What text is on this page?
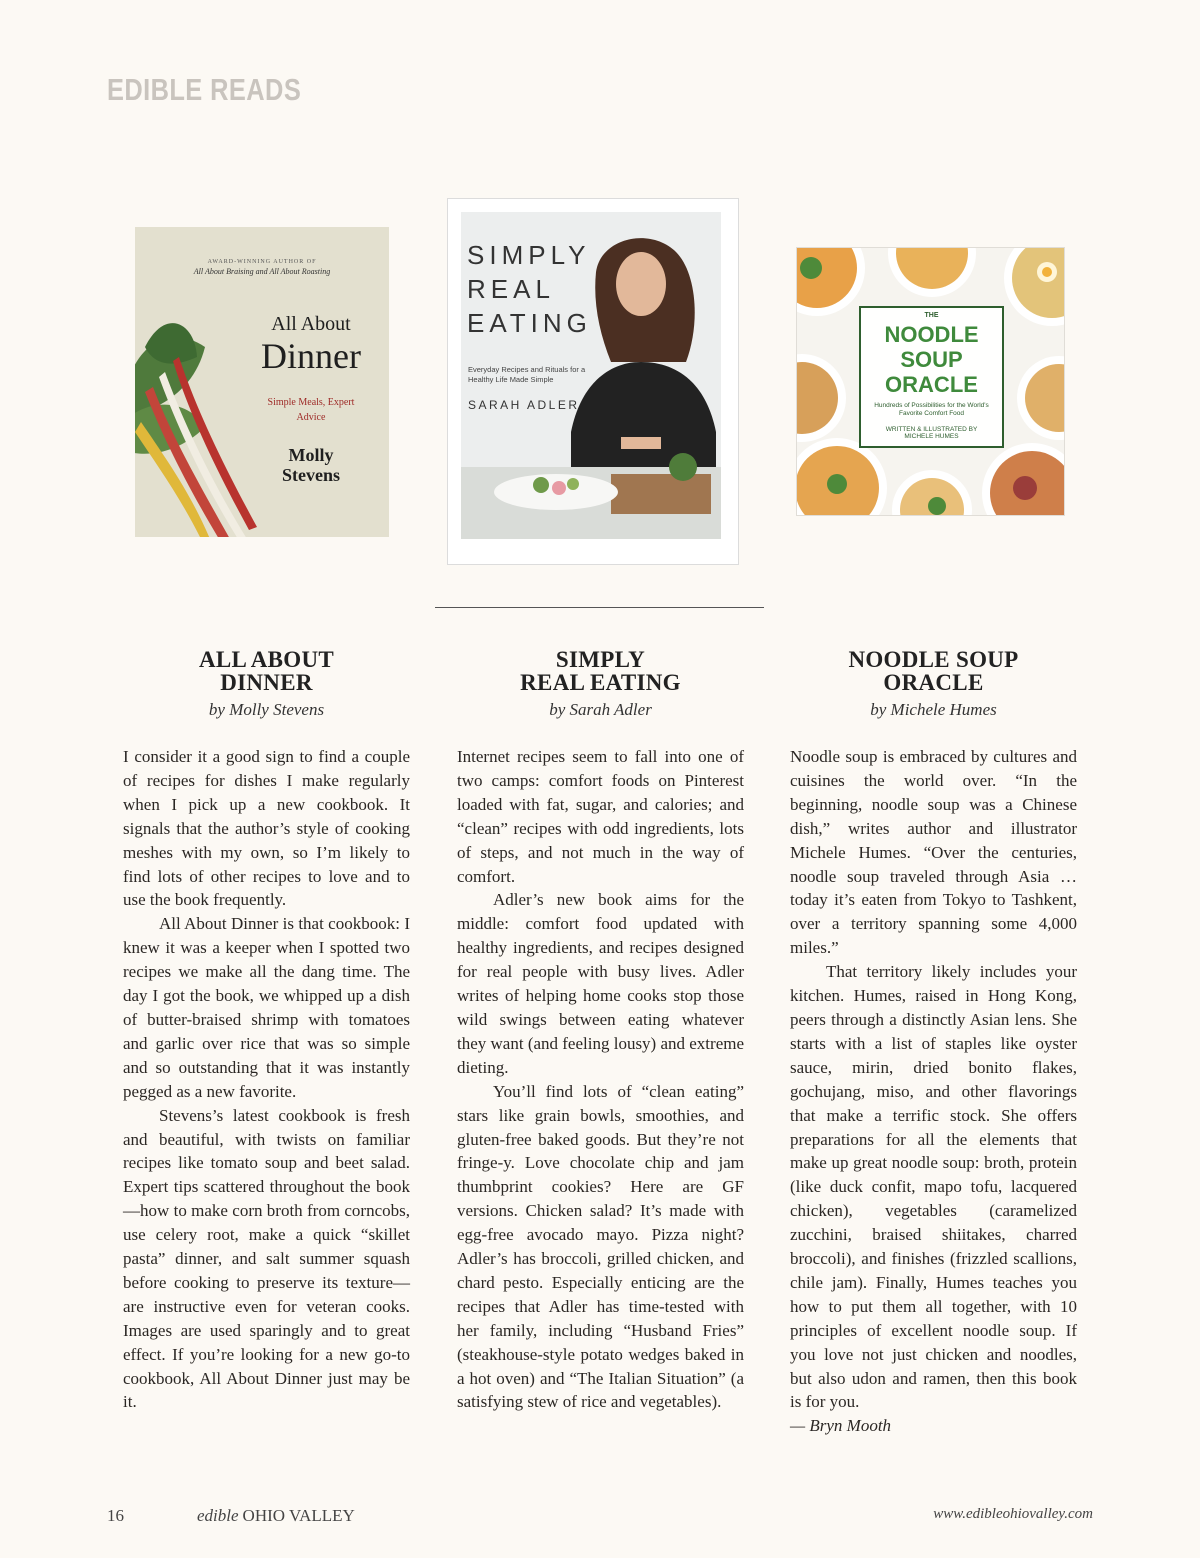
EDIBLE READS
AWARD-WINNING AUTHOR OF
All About Braising and All About Roasting
All About
Dinner
Simple Meals, Expert Advice
Molly
Stevens
SIMPLY
REAL
EATING
Everyday Recipes and Rituals for a Healthy Life Made Simple
SARAH ADLER
THE
NOODLE
SOUP
ORACLE
Hundreds of Possibilities for the World's Favorite Comfort Food
WRITTEN & ILLUSTRATED BY
MICHELE HUMES
ALL ABOUT
DINNER

by Molly Stevens

I consider it a good sign to find a couple of recipes for dishes I make regularly when I pick up a new cookbook. It signals that the author’s style of cooking meshes with my own, so I’m likely to find lots of other recipes to love and to use the book frequently.

All About Dinner is that cookbook: I knew it was a keeper when I spotted two recipes we make all the dang time. The day I got the book, we whipped up a dish of butter-braised shrimp with tomatoes and garlic over rice that was so simple and so outstanding that it was instantly pegged as a new favorite.

Stevens’s latest cookbook is fresh and beautiful, with twists on familiar recipes like tomato soup and beet salad. Expert tips scattered throughout the book—how to make corn broth from corncobs, use celery root, make a quick “skillet pasta” dinner, and salt summer squash before cooking to preserve its texture—are instructive even for veteran cooks. Images are used sparingly and to great effect. If you’re looking for a new go-to cookbook, All About Dinner just may be it.

SIMPLY
REAL EATING

by Sarah Adler

Internet recipes seem to fall into one of two camps: comfort foods on Pinterest loaded with fat, sugar, and calories; and “clean” recipes with odd ingredients, lots of steps, and not much in the way of comfort.

Adler’s new book aims for the middle: comfort food updated with healthy ingredients, and recipes designed for real people with busy lives. Adler writes of helping home cooks stop those wild swings between eating whatever they want (and feeling lousy) and extreme dieting.

You’ll find lots of “clean eating” stars like grain bowls, smoothies, and gluten-free baked goods. But they’re not fringe-y. Love chocolate chip and jam thumbprint cookies? Here are GF versions. Chicken salad? It’s made with egg-free avocado mayo. Pizza night? Adler’s has broccoli, grilled chicken, and chard pesto. Especially enticing are the recipes that Adler has time-tested with her family, including “Husband Fries” (steakhouse-style potato wedges baked in a hot oven) and “The Italian Situation” (a satisfying stew of rice and vegetables).

NOODLE SOUP
ORACLE

by Michele Humes

Noodle soup is embraced by cultures and cuisines the world over. “In the beginning, noodle soup was a Chinese dish,” writes author and illustrator Michele Humes. “Over the centuries, noodle soup traveled through Asia … today it’s eaten from Tokyo to Tashkent, over a territory spanning some 4,000 miles.”

That territory likely includes your kitchen. Humes, raised in Hong Kong, peers through a distinctly Asian lens. She starts with a list of staples like oyster sauce, mirin, dried bonito flakes, gochujang, miso, and other flavorings that make a terrific stock. She offers preparations for all the elements that make up great noodle soup: broth, protein (like duck confit, mapo tofu, lacquered chicken), vegetables (caramelized zucchini, braised shiitakes, charred broccoli), and finishes (frizzled scallions, chile jam). Finally, Humes teaches you how to put them all together, with 10 principles of excellent noodle soup. If you love not just chicken and noodles, but also udon and ramen, then this book is for you.

— Bryn Mooth
16	edible OHIO VALLEY	www.edibleohiovalley.com
